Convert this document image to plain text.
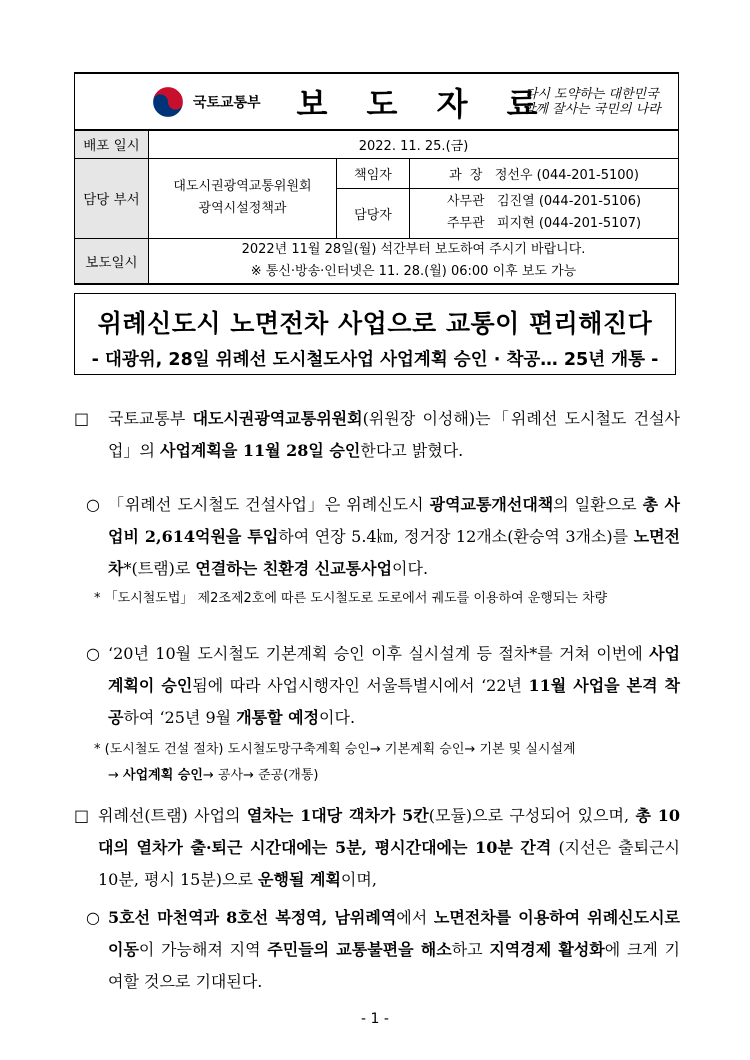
국토교통부		보 도 자 료	다시 도약하는 대한민국
함께 잘사는 국민의 나라

배포 일시	2022. 11. 25.(금)		
담당 부서	대도시권광역교통위원회
광역시설정책과	책임자	과  장   정선우 (044-201-5100)
		담당자	사무관   김진열 (044-201-5106)
주무관   피지현 (044-201-5107)

보도일시	2022년 11월 28일(월) 석간부터 보도하여 주시기 바랍니다.
※ 통신·방송·인터넷은 11. 28.(월) 06:00 이후 보도 가능		
위례신도시 노면전차 사업으로 교통이 편리해진다
- 대광위, 28일 위례선 도시철도사업 사업계획 승인 · 착공… 25년 개통 -
□	국토교통부 대도시권광역교통위원회(위원장 이성해)는「위례선 도시철도 건설사업」의 사업계획을 11월 28일 승인한다고 밝혔다.
○ 「위례선 도시철도 건설사업」은 위례신도시 광역교통개선대책의 일환으로 총 사업비 2,614억원을 투입하여 연장 5.4㎞, 정거장 12개소(환승역 3개소)를 노면전차*(트램)로 연결하는 친환경 신교통사업이다.
* 「도시철도법」 제2조제2호에 따른 도시철도로 도로에서 궤도를 이용하여 운행되는 차량
○ ‘20년 10월 도시철도 기본계획 승인 이후 실시설계 등 절차*를 거쳐 이번에 사업계획이 승인됨에 따라 사업시행자인 서울특별시에서 ‘22년 11월 사업을 본격 착공하여 ‘25년 9월 개통할 예정이다.
* (도시철도 건설 절차) 도시철도망구축계획 승인→ 기본계획 승인→ 기본 및 실시설계
→ 사업계획 승인→ 공사→ 준공(개통)
□ 위례선(트램) 사업의 열차는 1대당 객차가 5칸(모듈)으로 구성되어 있으며, 총 10대의 열차가 출·퇴근 시간대에는 5분, 평시간대에는 10분 간격 (지선은 출퇴근시 10분, 평시 15분)으로 운행될 계획이며,
○ 5호선 마천역과 8호선 복정역, 남위례역에서 노면전차를 이용하여 위례신도시로 이동이 가능해져 지역 주민들의 교통불편을 해소하고 지역경제 활성화에 크게 기여할 것으로 기대된다.
- 1 -
